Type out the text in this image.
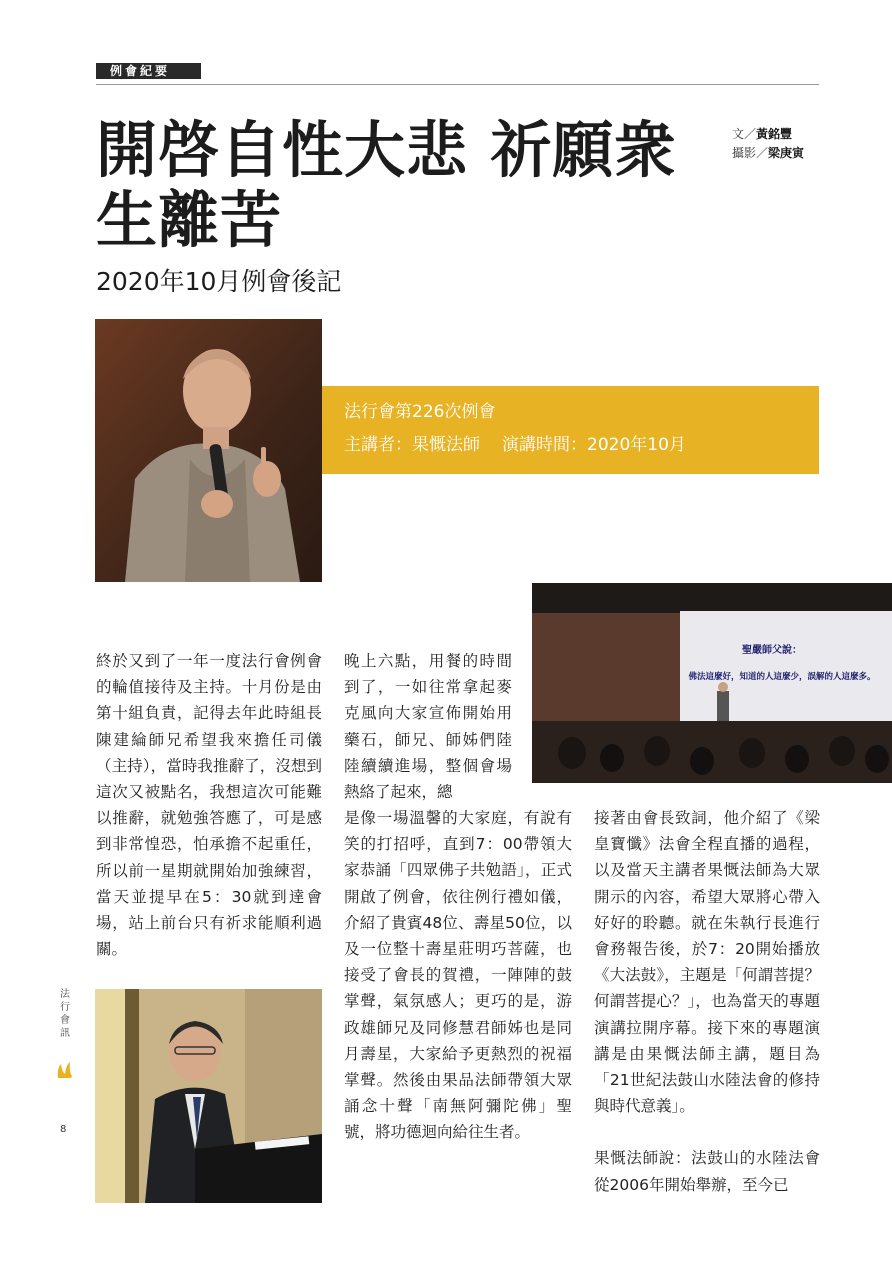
例會紀要
開啓自性大悲 祈願衆生離苦
2020年10月例會後記
文／黃銘豐
攝影／梁庚寅
法行會第226次例會
主講者：果慨法師 演講時間：2020年10月
聖嚴師父說：
佛法這麼好，知道的人這麼少，誤解的人這麼多。

終於又到了一年一度法行會例會的輪值接待及主持。十月份是由第十組負責，記得去年此時組長陳建綸師兄希望我來擔任司儀（主持），當時我推辭了，沒想到這次又被點名，我想這次可能難以推辭，就勉強答應了，可是感到非常惶恐，怕承擔不起重任，所以前一星期就開始加強練習，當天並提早在5：30就到達會場，站上前台只有祈求能順利過關。

晚上六點，用餐的時間到了，一如往常拿起麥克風向大家宣佈開始用藥石，師兄、師姊們陸陸續續進場，整個會場熱絡了起來，總

是像一場溫馨的大家庭，有說有笑的打招呼，直到7：00帶領大家恭誦「四眾佛子共勉語」，正式開啟了例會，依往例行禮如儀，介紹了貴賓48位、壽星50位，以及一位整十壽星莊明巧菩薩，也接受了會長的賀禮，一陣陣的鼓掌聲，氣氛感人；更巧的是，游政雄師兄及同修慧君師姊也是同月壽星，大家給予更熱烈的祝福掌聲。然後由果品法師帶領大眾誦念十聲「南無阿彌陀佛」聖號，將功德迴向給往生者。

接著由會長致詞，他介紹了《梁皇寶懺》法會全程直播的過程，以及當天主講者果慨法師為大眾開示的內容，希望大眾將心帶入好好的聆聽。就在朱執行長進行會務報告後，於7：20開始播放《大法鼓》，主題是「何謂菩提？何謂菩提心？」，也為當天的專題演講拉開序幕。接下來的專題演講是由果慨法師主講，題目為「21世紀法鼓山水陸法會的修持與時代意義」。

果慨法師說：法鼓山的水陸法會從2006年開始舉辦，至今已

法行會訊
8
